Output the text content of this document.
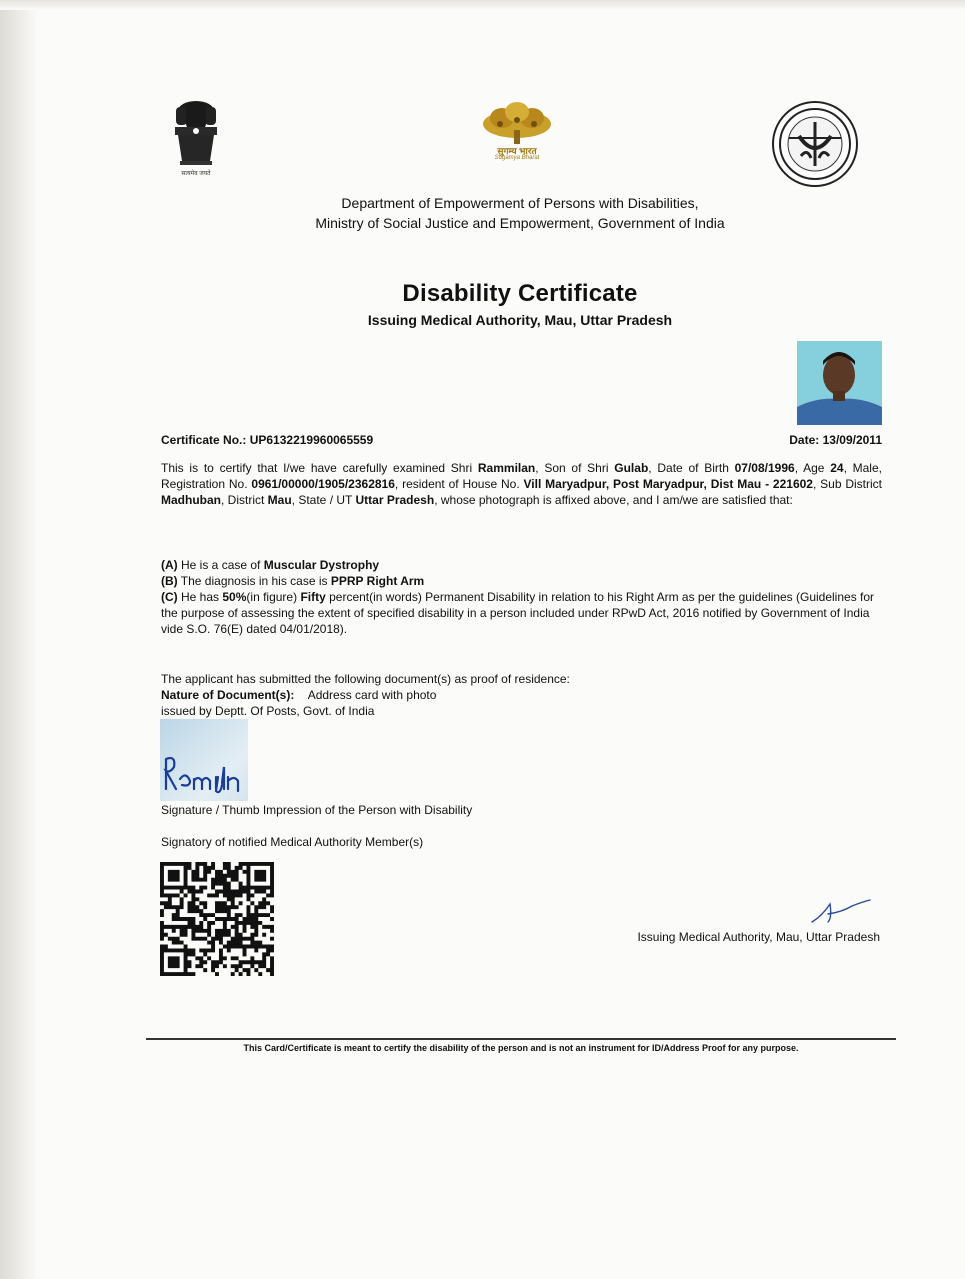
सत्यमेव जयते
सुगम्य भारत
Sugamya Bharat
Department of Empowerment of Persons with Disabilities,
Ministry of Social Justice and Empowerment, Government of India
Disability Certificate
Issuing Medical Authority, Mau, Uttar Pradesh
Certificate No.: UP6132219960065559	Date: 13/09/2011
This is to certify that I/we have carefully examined Shri Rammilan, Son of Shri Gulab, Date of Birth 07/08/1996, Age 24, Male, Registration No. 0961/00000/1905/2362816, resident of House No. Vill Maryadpur, Post Maryadpur, Dist Mau - 221602, Sub District Madhuban, District Mau, State / UT Uttar Pradesh, whose photograph is affixed above, and I am/we are satisfied that:
(A) He is a case of Muscular Dystrophy
(B) The diagnosis in his case is PPRP Right Arm
(C) He has 50%(in figure) Fifty percent(in words) Permanent Disability in relation to his Right Arm as per the guidelines (Guidelines for the purpose of assessing the extent of specified disability in a person included under RPwD Act, 2016 notified by Government of India vide S.O. 76(E) dated 04/01/2018).
The applicant has submitted the following document(s) as proof of residence:
Nature of Document(s): Address card with photo
issued by Deptt. Of Posts, Govt. of India
Signature / Thumb Impression of the Person with Disability
Signatory of notified Medical Authority Member(s)
Issuing Medical Authority, Mau, Uttar Pradesh
This Card/Certificate is meant to certify the disability of the person and is not an instrument for ID/Address Proof for any purpose.
